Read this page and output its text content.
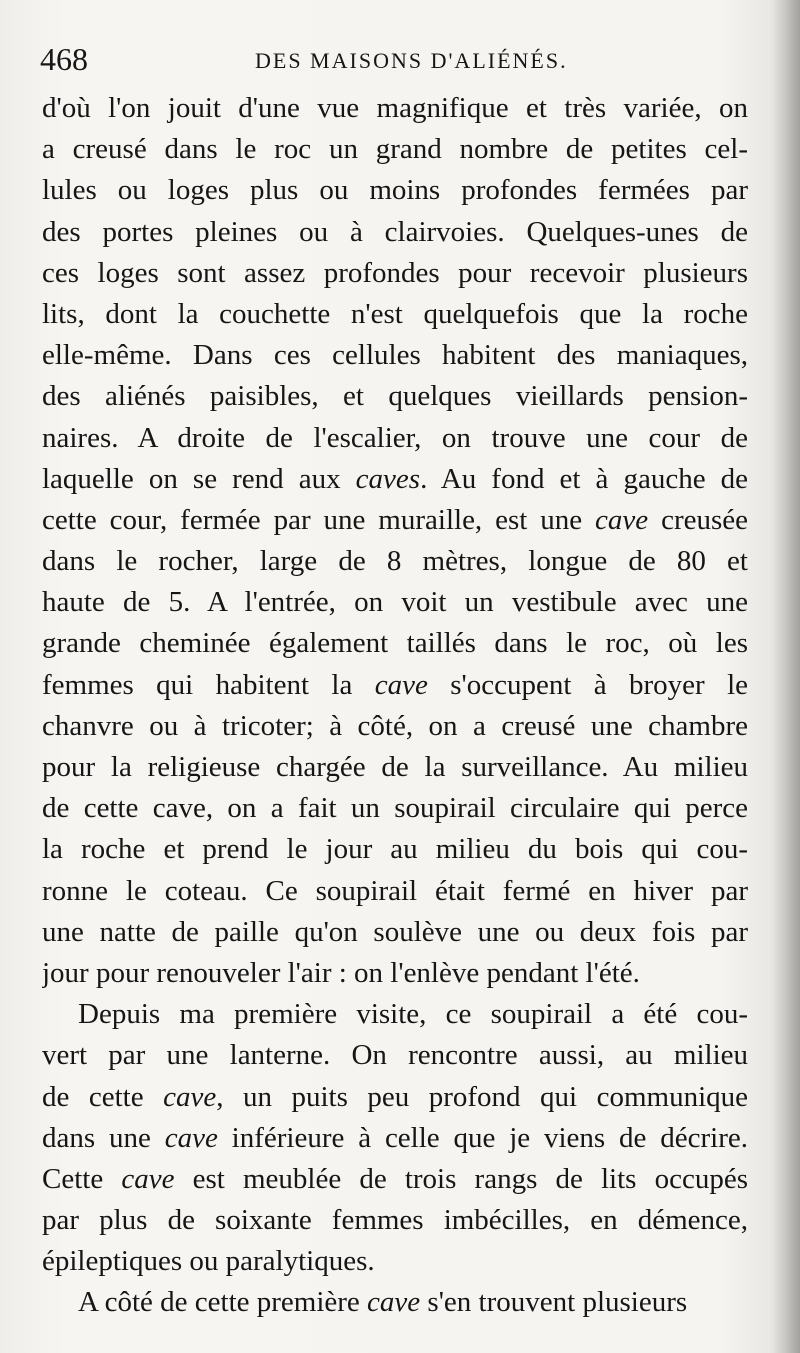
468	DES MAISONS D'ALIÉNÉS.
d'où l'on jouit d'une vue magnifique et très variée, on
a creusé dans le roc un grand nombre de petites cel-
lules ou loges plus ou moins profondes fermées par
des portes pleines ou à clairvoies. Quelques-unes de
ces loges sont assez profondes pour recevoir plusieurs
lits, dont la couchette n'est quelquefois que la roche
elle-même. Dans ces cellules habitent des maniaques,
des aliénés paisibles, et quelques vieillards pension-
naires. A droite de l'escalier, on trouve une cour de
laquelle on se rend aux caves. Au fond et à gauche de
cette cour, fermée par une muraille, est une cave creusée
dans le rocher, large de 8 mètres, longue de 80 et
haute de 5. A l'entrée, on voit un vestibule avec une
grande cheminée également taillés dans le roc, où les
femmes qui habitent la cave s'occupent à broyer le
chanvre ou à tricoter; à côté, on a creusé une chambre
pour la religieuse chargée de la surveillance. Au milieu
de cette cave, on a fait un soupirail circulaire qui perce
la roche et prend le jour au milieu du bois qui cou-
ronne le coteau. Ce soupirail était fermé en hiver par
une natte de paille qu'on soulève une ou deux fois par
jour pour renouveler l'air : on l'enlève pendant l'été.
Depuis ma première visite, ce soupirail a été cou-
vert par une lanterne. On rencontre aussi, au milieu
de cette cave, un puits peu profond qui communique
dans une cave inférieure à celle que je viens de décrire.
Cette cave est meublée de trois rangs de lits occupés
par plus de soixante femmes imbécilles, en démence,
épileptiques ou paralytiques.
A côté de cette première cave s'en trouvent plusieurs
